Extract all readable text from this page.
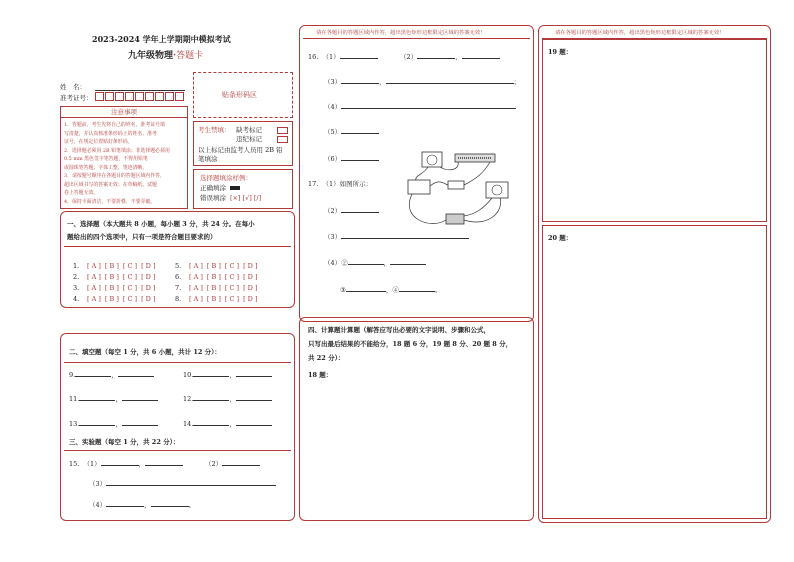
2023-2024 学年上学期期中模拟考试
九年级物理·答题卡
姓　名：
准考证号：	贴条形码区
注意事项
1．答题前，考生先将自己的姓名，准考证号填
写清楚，并认真核准条形码上的姓名、准考
证号，在规定位置贴好条形码。
2．选择题必须用 2B 铅笔填涂；非选择题必须用
0.5 mm 黑色签字笔答题，不得用铅笔
或圆珠笔答题；字体工整、笔迹清晰。
3．请按题号顺序在各题目的答题区域内作答，
超出区域书写的答案无效；在草稿纸、试题
卷上答题无效。
4．保持卡面清洁，不要折叠、不要弄破。
考生禁填： 缺考标记
违纪标记
以上标记由监考人员用 2B 铅
笔填涂
选择题填涂样例：
正确填涂
错误填涂 [×] [√] [/]
一、选择题（本大题共 8 小题，每小题 3 分，共 24 分。在每小
题给出的四个选项中，只有一项是符合题目要求的）
1. [ A ] [ B ] [ C ] [ D ]
2. [ A ] [ B ] [ C ] [ D ]
3. [ A ] [ B ] [ C ] [ D ]
4. [ A ] [ B ] [ C ] [ D ]
5. [ A ] [ B ] [ C ] [ D ]
6. [ A ] [ B ] [ C ] [ D ]
7. [ A ] [ B ] [ C ] [ D ]
8. [ A ] [ B ] [ C ] [ D ]
二、填空题（每空 1 分，共 6 小题，共计 12 分）：
9.	，	10.	，
11.	，	12.	，
13.	，	14.	，
三、实验题（每空 1 分，共 22 分）：
15. （1）	，	（2）
（3）
（4）	，	。
请在各题目的答题区域内作答，超出黑色矩形边框限定区域的答案无效！
16. （1）	（2）	，
（3）	，	；
（4）
（5）
（6）
17. （1）如图所示：
（2）
（3）
（4）②	，
③	，④	。
四、计算题计算题（解答应写出必要的文字说明、步骤和公式，
只写出最后结果的不能给分，18 题 6 分，19 题 8 分、20 题 8 分，
共 22 分）：
18 题：
请在各题目的答题区域内作答，超出黑色矩形边框限定区域的答案无效！
19 题：
20 题：
